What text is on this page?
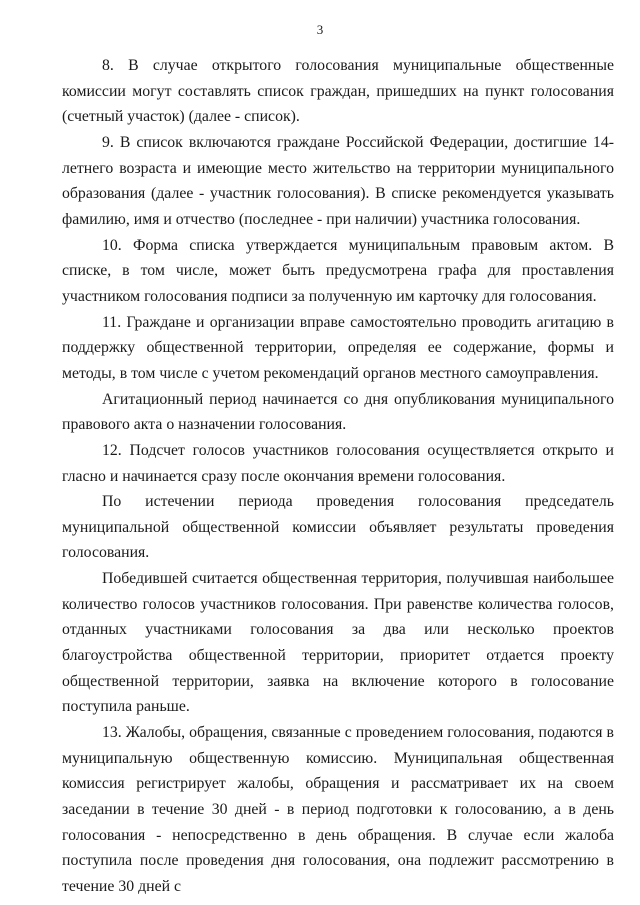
3

8. В случае открытого голосования муниципальные общественные комиссии могут составлять список граждан, пришедших на пункт голосования (счетный участок) (далее - список).

9. В список включаются граждане Российской Федерации, достигшие 14-летнего возраста и имеющие место жительство на территории муниципального образования (далее - участник голосования). В списке рекомендуется указывать фамилию, имя и отчество (последнее - при наличии) участника голосования.

10. Форма списка утверждается муниципальным правовым актом. В списке, в том числе, может быть предусмотрена графа для проставления участником голосования подписи за полученную им карточку для голосования.

11. Граждане и организации вправе самостоятельно проводить агитацию в поддержку общественной территории, определяя ее содержание, формы и методы, в том числе с учетом рекомендаций органов местного самоуправления.

Агитационный период начинается со дня опубликования муниципального правового акта о назначении голосования.

12. Подсчет голосов участников голосования осуществляется открыто и гласно и начинается сразу после окончания времени голосования.

По истечении периода проведения голосования председатель муниципальной общественной комиссии объявляет результаты проведения голосования.

Победившей считается общественная территория, получившая наибольшее количество голосов участников голосования. При равенстве количества голосов, отданных участниками голосования за два или несколько проектов благоустройства общественной территории, приоритет отдается проекту общественной территории, заявка на включение которого в голосование поступила раньше.

13. Жалобы, обращения, связанные с проведением голосования, подаются в муниципальную общественную комиссию. Муниципальная общественная комиссия регистрирует жалобы, обращения и рассматривает их на своем заседании в течение 30 дней - в период подготовки к голосованию, а в день голосования - непосредственно в день обращения. В случае если жалоба поступила после проведения дня голосования, она подлежит рассмотрению в течение 30 дней с
